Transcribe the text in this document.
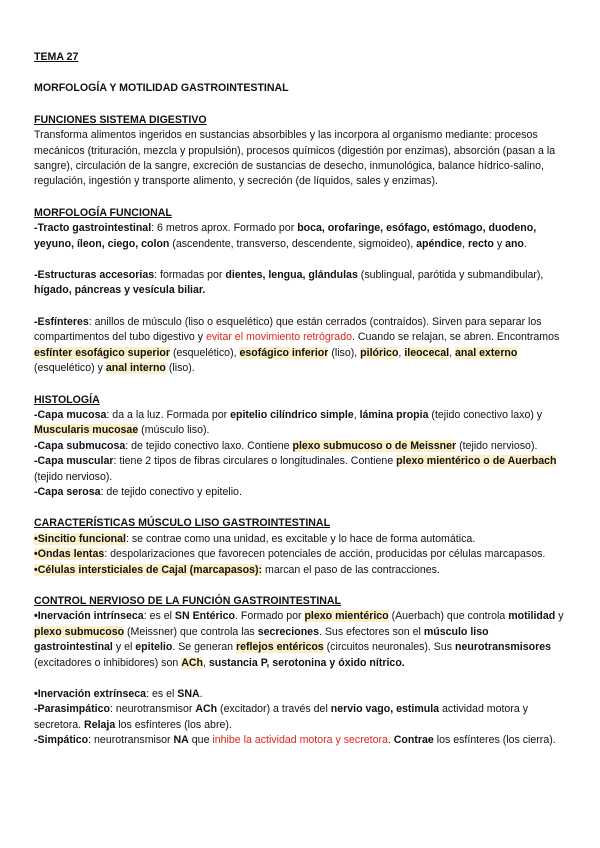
TEMA 27

MORFOLOGÍA Y MOTILIDAD GASTROINTESTINAL

FUNCIONES SISTEMA DIGESTIVO

Transforma alimentos ingeridos en sustancias absorbibles y las incorpora al organismo mediante: procesos mecánicos (trituración, mezcla y propulsión), procesos químicos (digestión por enzimas), absorción (pasan a la sangre), circulación de la sangre, excreción de sustancias de desecho, inmunológica, balance hídrico-salino, regulación, ingestión y transporte alimento, y secreción (de líquidos, sales y enzimas).

MORFOLOGÍA FUNCIONAL

-Tracto gastrointestinal: 6 metros aprox. Formado por boca, orofaringe, esófago, estómago, duodeno, yeyuno, íleon, ciego, colon (ascendente, transverso, descendente, sigmoideo), apéndice, recto y ano.

-Estructuras accesorias: formadas por dientes, lengua, glándulas (sublingual, parótida y submandibular), hígado, páncreas y vesícula biliar.

-Esfínteres: anillos de músculo (liso o esquelético) que están cerrados (contraídos). Sirven para separar los compartimentos del tubo digestivo y evitar el movimiento retrógrado. Cuando se relajan, se abren. Encontramos esfínter esofágico superior (esquelético), esofágico inferior (liso), pilórico, ileocecal, anal externo (esquelético) y anal interno (liso).

HISTOLOGÍA

-Capa mucosa: da a la luz. Formada por epitelio cilíndrico simple, lámina propia (tejido conectivo laxo) y Muscularis mucosae (músculo liso).

-Capa submucosa: de tejido conectivo laxo. Contiene plexo submucoso o de Meissner (tejido nervioso).

-Capa muscular: tiene 2 tipos de fibras circulares o longitudinales. Contiene plexo mientérico o de Auerbach (tejido nervioso).

-Capa serosa: de tejido conectivo y epitelio.

CARACTERÍSTICAS MÚSCULO LISO GASTROINTESTINAL

•Sincitio funcional: se contrae como una unidad, es excitable y lo hace de forma automática.

•Ondas lentas: despolarizaciones que favorecen potenciales de acción, producidas por células marcapasos.

•Células intersticiales de Cajal (marcapasos): marcan el paso de las contracciones.

CONTROL NERVIOSO DE LA FUNCIÓN GASTROINTESTINAL

•Inervación intrínseca: es el SN Entérico. Formado por plexo mientérico (Auerbach) que controla motilidad y plexo submucoso (Meissner) que controla las secreciones. Sus efectores son el músculo liso gastrointestinal y el epitelio. Se generan reflejos entéricos (circuitos neuronales). Sus neurotransmisores (excitadores o inhibidores) son ACh, sustancia P, serotonina y óxido nítrico.

•Inervación extrínseca: es el SNA.

-Parasimpático: neurotransmisor ACh (excitador) a través del nervio vago, estimula actividad motora y secretora. Relaja los esfínteres (los abre).

-Simpático: neurotransmisor NA que inhibe la actividad motora y secretora. Contrae los esfínteres (los cierra).
